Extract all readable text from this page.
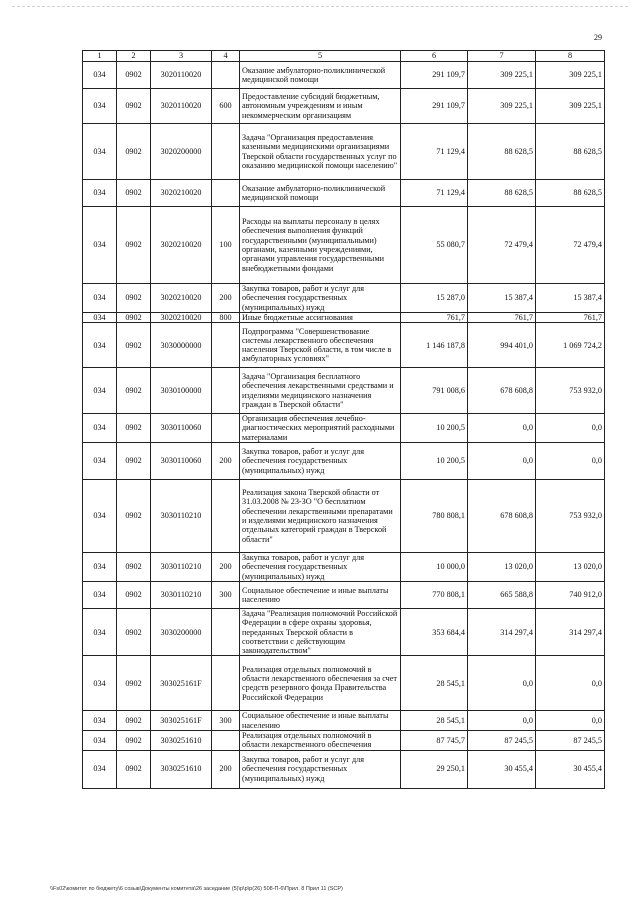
29
1	2	3	4	5	6	7	8
034	0902	3020110020		Оказание амбулаторно-поликлинической медицинской помощи	291 109,7	309 225,1	309 225,1
034	0902	3020110020	600	Предоставление субсидий бюджетным, автономным учреждениям и иным некоммерческим организациям	291 109,7	309 225,1	309 225,1
034	0902	3020200000		Задача "Организация предоставления казенными медицинскими организациями Тверской области государственных услуг по оказанию медицинской помощи населению"	71 129,4	88 628,5	88 628,5
034	0902	3020210020		Оказание амбулаторно-поликлинической медицинской помощи	71 129,4	88 628,5	88 628,5
034	0902	3020210020	100	Расходы на выплаты персоналу в целях обеспечения выполнения функций государственными (муниципальными) органами, казенными учреждениями, органами управления государственными внебюджетными фондами	55 080,7	72 479,4	72 479,4
034	0902	3020210020	200	Закупка товаров, работ и услуг для обеспечения государственных (муниципальных) нужд	15 287,0	15 387,4	15 387,4
034	0902	3020210020	800	Иные бюджетные ассигнования	761,7	761,7	761,7
034	0902	3030000000		Подпрограмма "Совершенствование системы лекарственного обеспечения населения Тверской области, в том числе в амбулаторных условиях"	1 146 187,8	994 401,0	1 069 724,2
034	0902	3030100000		Задача "Организация бесплатного обеспечения лекарственными средствами и изделиями медицинского назначения граждан в Тверской области"	791 008,6	678 608,8	753 932,0
034	0902	3030110060		Организация обеспечения лечебно-диагностических мероприятий расходными материалами	10 200,5	0,0	0,0
034	0902	3030110060	200	Закупка товаров, работ и услуг для обеспечения государственных (муниципальных) нужд	10 200,5	0,0	0,0
034	0902	3030110210		Реализация закона Тверской области от 31.03.2008 № 23-ЗО "О бесплатном обеспечении лекарственными препаратами и изделиями медицинского назначения отдельных категорий граждан в Тверской области"	780 808,1	678 608,8	753 932,0
034	0902	3030110210	200	Закупка товаров, работ и услуг для обеспечения государственных (муниципальных) нужд	10 000,0	13 020,0	13 020,0
034	0902	3030110210	300	Социальное обеспечение и иные выплаты населению	770 808,1	665 588,8	740 912,0
034	0902	3030200000		Задача "Реализация полномочий Российской Федерации в сфере охраны здоровья, переданных Тверской области в соответствии с действующим законодательством"	353 684,4	314 297,4	314 297,4
034	0902	303025161F		Реализация отдельных полномочий в области лекарственного обеспечения за счет средств резервного фонда Правительства Российской Федерации	28 545,1	0,0	0,0
034	0902	303025161F	300	Социальное обеспечение и иные выплаты населению	28 545,1	0,0	0,0
034	0902	3030251610		Реализация отдельных полномочий в области лекарственного обеспечения	87 745,7	87 245,5	87 245,5
034	0902	3030251610	200	Закупка товаров, работ и услуг для обеспечения государственных (муниципальных) нужд	29 250,1	30 455,4	30 455,4
\\Fs02\комитет по бюджету\6 созыв\Документы комитета\26 заседание (5)\р\р\р(26) 508-П-6\Прил. 8 Прил 11 (SCP)
